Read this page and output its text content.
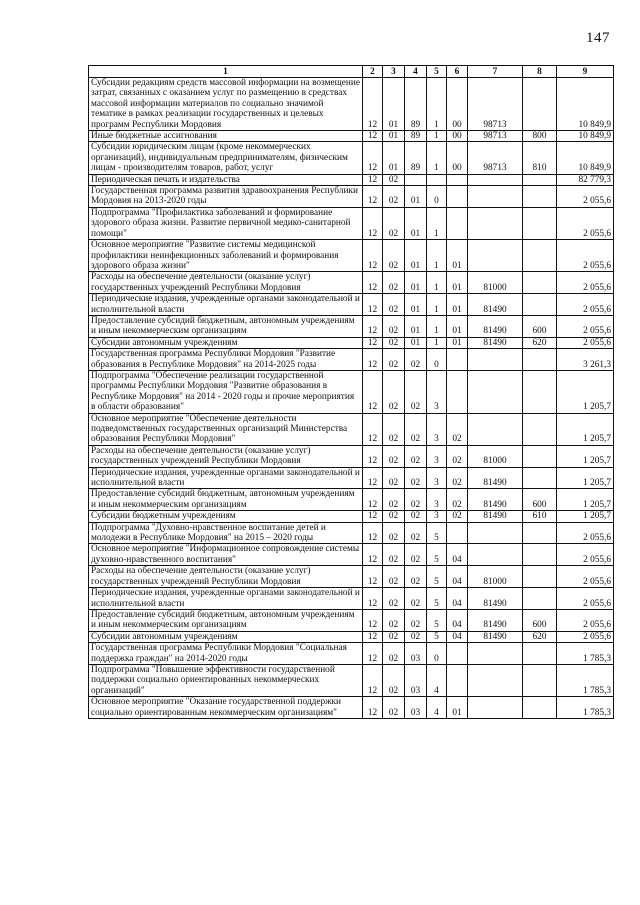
147
1	2	3	4	5	6	7	8	9
Субсидии редакциям средств массовой информации на возмещение затрат, связанных с оказанием услуг по размещению в средствах массовой информации материалов по социально значимой тематике в рамках реализации государственных и целевых программ Республики Мордовия	12	01	89	1	00	98713		10 849,9
Иные бюджетные ассигнования	12	01	89	1	00	98713	800	10 849,9
Субсидии юридическим лицам (кроме некоммерческих организаций), индивидуальным предпринимателям, физическим лицам - производителям товаров, работ, услуг	12	01	89	1	00	98713	810	10 849,9
Периодическая печать и издательства	12	02						82 779,3
Государственная программа развития здравоохранения Республики Мордовия на 2013-2020 годы	12	02	01	0				2 055,6
Подпрограмма "Профилактика заболеваний и формирование здорового образа жизни. Развитие первичной медико-санитарной помощи"	12	02	01	1				2 055,6
Основное мероприятие "Развитие системы медицинской профилактики неинфекционных заболеваний и формирования здорового образа жизни"	12	02	01	1	01			2 055,6
Расходы на обеспечение деятельности (оказание услуг) государственных учреждений Республики Мордовия	12	02	01	1	01	81000		2 055,6
Периодические издания, учрежденные органами законодательной и исполнительной власти	12	02	01	1	01	81490		2 055,6
Предоставление субсидий бюджетным, автономным учреждениям и иным некоммерческим организациям	12	02	01	1	01	81490	600	2 055,6
Субсидии автономным учреждениям	12	02	01	1	01	81490	620	2 055,6
Государственная программа Республики Мордовия "Развитие образования в Республике Мордовия" на 2014-2025 годы	12	02	02	0				3 261,3
Подпрограмма "Обеспечение реализации государственной программы Республики Мордовия "Развитие образования в Республике Мордовия" на 2014 - 2020 годы и прочие мероприятия в области образования"	12	02	02	3				1 205,7
Основное мероприятие "Обеспечение деятельности подведомственных государственных организаций Министерства образования Республики Мордовия"	12	02	02	3	02			1 205,7
Расходы на обеспечение деятельности (оказание услуг) государственных учреждений Республики Мордовия	12	02	02	3	02	81000		1 205,7
Периодические издания, учрежденные органами законодательной и исполнительной власти	12	02	02	3	02	81490		1 205,7
Предоставление субсидий бюджетным, автономным учреждениям и иным некоммерческим организациям	12	02	02	3	02	81490	600	1 205,7
Субсидии бюджетным учреждениям	12	02	02	3	02	81490	610	1 205,7
Подпрограмма "Духовно-нравственное воспитание детей и молодежи в Республике Мордовия" на 2015 – 2020 годы	12	02	02	5				2 055,6
Основное мероприятие "Информационное сопровождение системы духовно-нравственного воспитания"	12	02	02	5	04			2 055,6
Расходы на обеспечение деятельности (оказание услуг) государственных учреждений Республики Мордовия	12	02	02	5	04	81000		2 055,6
Периодические издания, учрежденные органами законодательной и исполнительной власти	12	02	02	5	04	81490		2 055,6
Предоставление субсидий бюджетным, автономным учреждениям и иным некоммерческим организациям	12	02	02	5	04	81490	600	2 055,6
Субсидии автономным учреждениям	12	02	02	5	04	81490	620	2 055,6
Государственная программа Республики Мордовия "Социальная поддержка граждан" на 2014-2020 годы	12	02	03	0				1 785,3
Подпрограмма "Повышение эффективности государственной поддержки социально ориентированных некоммерческих организаций"	12	02	03	4				1 785,3
Основное мероприятие "Оказание государственной поддержки социально ориентированным некоммерческим организациям"	12	02	03	4	01			1 785,3
